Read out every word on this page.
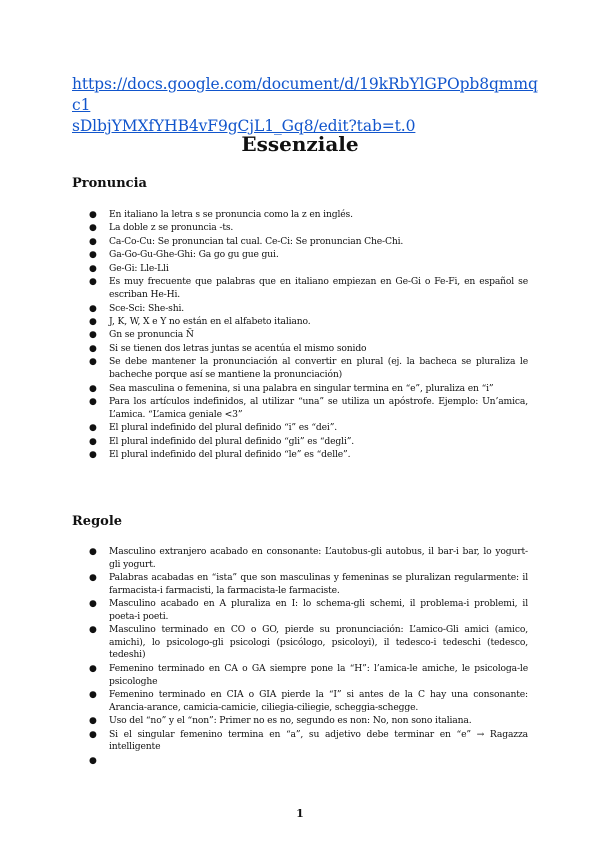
https://docs.google.com/document/d/19kRbYlGPOpb8qmmqc1
sDlbjYMXfYHB4vF9gCjL1_Gq8/edit?tab=t.0
Essenziale
Pronuncia
● En italiano la letra s se pronuncia como la z en inglés.
● La doble z se pronuncia -ts.
● Ca-Co-Cu: Se pronuncian tal cual. Ce-Ci: Se pronuncian Che-Chi.
● Ga-Go-Gu-Ghe-Ghi: Ga go gu gue gui.
● Ge-Gi: Lle-Lli
● Es muy frecuente que palabras que en italiano empiezan en Ge-Gi o Fe-Fi, en español se escriban He-Hi.
● Sce-Sci: She-shi.
● J, K, W, X e Y no están en el alfabeto italiano.
● Gn se pronuncia Ñ
● Si se tienen dos letras juntas se acentúa el mismo sonido
● Se debe mantener la pronunciación al convertir en plural (ej. la bacheca se pluraliza le bacheche porque así se mantiene la pronunciación)
● Sea masculina o femenina, si una palabra en singular termina en “e”, pluraliza en “i”
● Para los artículos indefinidos, al utilizar “una” se utiliza un apóstrofe. Ejemplo: Un’amica, L’amica. “L’amica geniale <3”
● El plural indefinido del plural definido “i” es “dei”.
● El plural indefinido del plural definido “gli” es “degli”.
● El plural indefinido del plural definido “le” es “delle”.
Regole
● Masculino extranjero acabado en consonante: L’autobus-gli autobus, il bar-i bar, lo yogurt-gli yogurt.
● Palabras acabadas en “ista” que son masculinas y femeninas se pluralizan regularmente: il farmacista-i farmacisti, la farmacista-le farmaciste.
● Masculino acabado en A pluraliza en I: lo schema-gli schemi, il problema-i problemi, il poeta-i poeti.
● Masculino terminado en CO o GO, pierde su pronunciación: L’amico-Gli amici (amico, amichi), lo psicologo-gli psicologi (psicólogo, psicoloyi), il tedesco-i tedeschi (tedesco, tedeshi)
● Femenino terminado en CA o GA siempre pone la “H”: l’amica-le amiche, le psicologa-le psicologhe
● Femenino terminado en CIA o GIA pierde la “I” si antes de la C hay una consonante: Arancia-arance, camicia-camicie, ciliegia-ciliegie, scheggia-schegge.
● Uso del “no” y el “non”: Primer no es no, segundo es non: No, non sono italiana.
● Si el singular femenino termina en “a”, su adjetivo debe terminar en “e” → Ragazza intelligente
●
1
